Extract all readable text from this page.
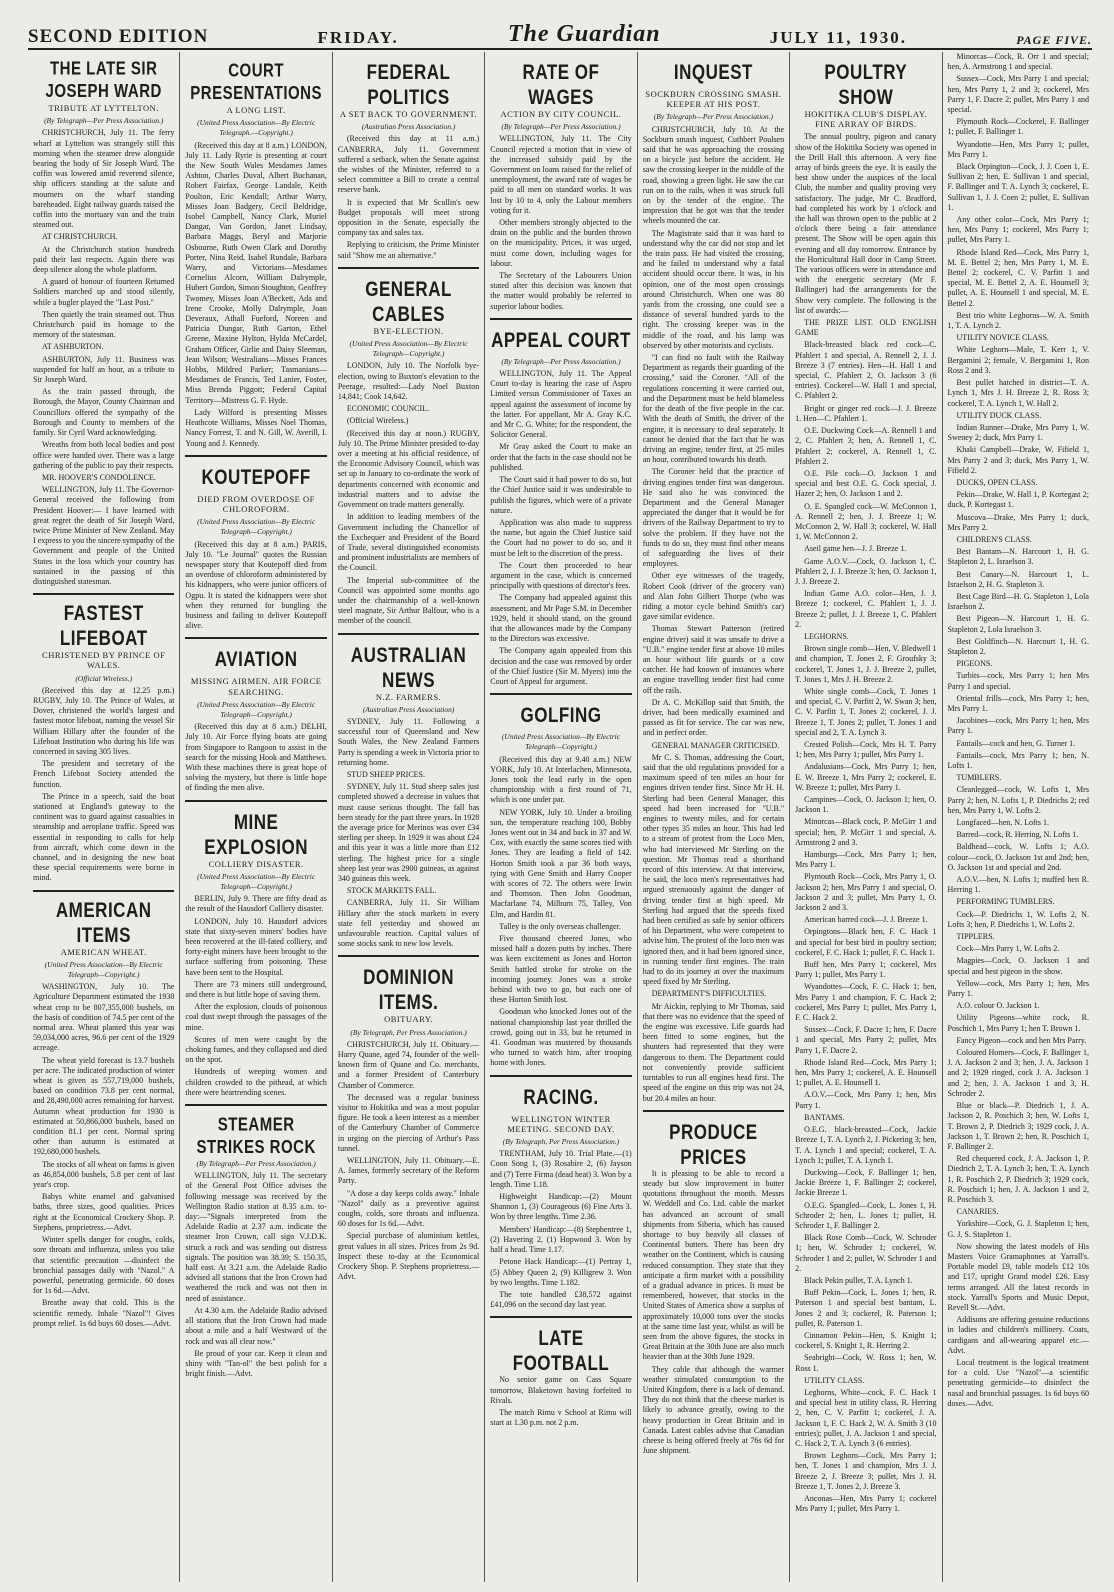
SECOND EDITION	FRIDAY.	The Guardian	JULY 11, 1930.	PAGE FIVE.
THE LATE SIR JOSEPH WARD
TRIBUTE AT LYTTELTON.
(By Telegraph—Per Press Association.)

CHRISTCHURCH, July 11. The ferry wharf at Lyttelton was strangely still this morning when the steamer drew alongside bearing the body of Sir Joseph Ward. The coffin was lowered amid reverend silence, ship officers standing at the salute and mourners on the wharf standing bareheaded. Eight railway guards raised the coffin into the mortuary van and the train steamed out.

AT CHRISTCHURCH.

At the Christchurch station hundreds paid their last respects. Again there was deep silence along the whole platform.

A guard of honour of fourteen Returned Soldiers marched up and stood silently, while a bugler played the "Last Post."

Then quietly the train steamed out. Thus Christchurch paid its homage to the memory of the statesman.

AT ASHBURTON.

ASHBURTON, July 11. Business was suspended for half an hour, as a tribute to Sir Joseph Ward.

As the train passed through, the Borough, the Mayor, County Chairman and Councillors offered the sympathy of the Borough and County to members of the family. Sir Cyril Ward acknowledging.

Wreaths from both local bodies and post office were handed over. There was a large gathering of the public to pay their respects.

MR. HOOVER'S CONDOLENCE.

WELLINGTON, July 11. The Governor-General received the following from President Hoover:— I have learned with great regret the death of Sir Joseph Ward, twice Prime Minister of New Zealand. May I express to you the sincere sympathy of the Government and people of the United States in the loss which your country has sustained in the passing of this distinguished statesman.

FASTEST LIFEBOAT
CHRISTENED BY PRINCE OF WALES.
(Official Wireless.)

(Received this day at 12.25 p.m.) RUGBY, July 10. The Prince of Wales, at Dover, christened the world's largest and fastest motor lifeboat, naming the vessel Sir William Hillary after the founder of the Lifeboat Institution who during his life was concerned in saving 305 lives.

The president and secretary of the French Lifeboat Society attended the function.

The Prince in a speech, said the boat stationed at England's gateway to the continent was to guard against casualties in steamship and aeroplane traffic. Speed was essential in responding to calls for help from aircraft, which come down in the channel, and in designing the new boat these special requirements were borne in mind.

AMERICAN ITEMS
AMERICAN WHEAT.
(United Press Association—By Electric Telegraph—Copyright.)

WASHINGTON, July 10. The Agriculture Department estimated the 1930 wheat crop to be 807,355,000 bushels, on the basis of condition of 74.5 per cent of the normal area. Wheat planted this year was 59,034,000 acres, 96.6 per cent of the 1929 acreage.

The wheat yield forecast is 13.7 bushels per acre. The indicated production of winter wheat is given as 557,719,000 bushels, based on condition 73.8 per cent normal, and 28,490,000 acres remaining for harvest. Autumn wheat production for 1930 is estimated at 50,866,000 bushels, based on condition 81.1 per cent. Normal spring other than autumn is estimated at 192,680,000 bushels.

The stocks of all wheat on farms is given as 46,854,000 bushels, 5.8 per cent of last year's crop.

Babys white enamel and galvanised baths, three sizes, good qualities. Prices right at the Economical Crockery Shop. P. Stephens, proprietress.—Advt.

Winter spells danger for coughs, colds, sore throats and influenza, unless you take that scientific precaution —disinfect the bronchial passages daily with "Nazol." A powerful, penetrating germicide. 60 doses for 1s 6d.—Advt.

Breathe away that cold. This is the scientific remedy. Inhale "Nazol"! Gives prompt relief. 1s 6d buys 60 doses.—Advt.

COURT PRESENTATIONS
A LONG LIST.
(United Press Association—By Electric Telegraph.—Copyright.)

(Received this day at 8 a.m.) LONDON, July 11. Lady Ryrie is presenting at court the New South Wales Mesdames James Ashton, Charles Duval, Albert Buchanan, Robert Fairfax, George Landale, Keith Poulton, Eric Kendall; Arthur Warry, Misses Joan Badgery, Cecil Beldridge, Isobel Campbell, Nancy Clark, Muriel Dangar, Van Gordon, Janet Lindsay, Barbara Maggs, Beryl and Marjorie Osbourne, Ruth Owen Clark and Dorothy Porter, Nina Reid, Isabel Rundale, Barbara Warry, and Victorians—Mesdames Cornelius Alcorn, William Dalrymple, Hubert Gordon, Simon Stoughton, Geoffrey Twomey, Misses Joan A'Beckett, Ada and Irene Crooke, Molly Dalrymple, Joan Deveraux, Athall Fueford, Noreen and Patricia Dungar, Ruth Garton, Ethel Greene, Maxine Hylton, Hylda McCardel, Graham Officer, Girlie and Daisy Sleeman, Jean Wilson; Westralians—Misses Frances Hobbs, Mildred Parker; Tasmanians—Mesdames de Francis, Ted Lanier, Foster, Miss Brenda Piggott; Federal Capital Territory—Mistress G. F. Hyde.

Lady Wilford is presenting Misses Heathcote Williams, Misses Noel Thomas, Nancy Forrest, T. and N. Gill, W. Averill, I. Young and J. Kennedy.

KOUTEPOFF
DIED FROM OVERDOSE OF CHLOROFORM.
(United Press Association—By Electric Telegraph—Copyright.)

(Received this day at 8 a.m.) PARIS, July 10. "Le Journal" quotes the Russian newspaper story that Koutepoff died from an overdose of chloroform administered by his kidnappers, who were junior officers of Ogpu. It is stated the kidnappers were shot when they returned for bungling the business and failing to deliver Koutepoff alive.

AVIATION
MISSING AIRMEN. AIR FORCE SEARCHING.
(United Press Association—By Electric Telegraph—Copyright.)

(Received this day at 8 a.m.) DELHI, July 10. Air Force flying boats are going from Singapore to Rangoon to assist in the search for the missing Hook and Matthews. With these machines there is great hope of solving the mystery, but there is little hope of finding the men alive.

MINE EXPLOSION
COLLIERY DISASTER.
(United Press Association—By Electric Telegraph—Copyright.)

BERLIN, July 9. There are fifty dead as the result of the Hausdorf Colliery disaster.

LONDON, July 10. Hausdorf advices state that sixty-seven miners' bodies have been recovered at the ill-fated colliery, and forty-eight miners have been brought to the surface suffering from poisoning. These have been sent to the Hospital.

There are 73 miners still underground, and there is but little hope of saving them.

After the explosion, clouds of poisonous coal dust swept through the passages of the mine.

Scores of men were caught by the choking fumes, and they collapsed and died on the spot.

Hundreds of weeping women and children crowded to the pithead, at which there were heartrending scenes.

STEAMER STRIKES ROCK
(By Telegraph—Per Press Association.)

WELLINGTON, July 11. The secretary of the General Post Office advises the following message was received by the Wellington Radio station at 8.35 a.m. to-day:—"Signals interpreted from the Adelaide Radio at 2.37 a.m. indicate the steamer Iron Crown, call sign V.J.D.K. struck a rock and was sending out distress signals. The position was 38.39; S. 150.35, half east. At 3.21 a.m. the Adelaide Radio advised all stations that the Iron Crown had weathered the rock and was not then in need of assistance.

At 4.30 a.m. the Adelaide Radio advised all stations that the Iron Crown had made about a mile and a half Westward of the rock and was all clear now."

Be proud of your car. Keep it clean and shiny with "Tan-ol" the best polish for a bright finish.—Advt.

FEDERAL POLITICS
A SET BACK TO GOVERNMENT.
(Australian Press Association.)

(Received this day at 11 a.m.) CANBERRA, July 11. Government suffered a setback, when the Senate against the wishes of the Minister, referred to a select committee a Bill to create a central reserve bank.

It is expected that Mr Scullin's new Budget proposals will meet strong opposition in the Senate, especially the company tax and sales tax.

Replying to criticism, the Prime Minister said "Show me an alternative."

GENERAL CABLES
BYE-ELECTION.
(United Press Association—By Electric Telegraph—Copyright.)

LONDON, July 10. The Norfolk bye-election, owing to Buxton's elevation to the Peerage, resulted:—Lady Noel Buxton 14,841; Cook 14,642.

ECONOMIC COUNCIL.

(Official Wireless.)

(Received this day at noon.) RUGBY, July 10. The Prime Minister presided to-day over a meeting at his official residence, of the Economic Advisory Council, which was set up in January to co-ordinate the work of departments concerned with economic and industrial matters and to advise the Government on trade matters generally.

In addition to leading members of the Government including the Chancellor of the Exchequer and President of the Board of Trade, several distinguished economists and prominent industrialists are members of the Council.

The Imperial sub-committee of the Council was appointed some months ago under the chairmanship of a well-known steel magnate, Sir Arthur Balfour, who is a member of the council.

AUSTRALIAN NEWS
N.Z. FARMERS.
(Australian Press Association)

SYDNEY, July 11. Following a successful tour of Queensland and New South Wales, the New Zealand Farmers Party is spending a week in Victoria prior to returning home.

STUD SHEEP PRICES.

SYDNEY, July 11. Stud sheep sales just completed showed a decrease in values that must cause serious thought. The fall has been steady for the past three years. In 1928 the average price for Merinos was over £34 sterling per sheep. In 1929 it was about £24 and this year it was a little more than £12 sterling. The highest price for a single sheep last year was 2900 guineas, as against 340 guineas this week.

STOCK MARKETS FALL.

CANBERRA, July 11. Sir William Hillary after the stock markets in every state fell yesterday and showed an unfavourable reaction. Capital values of some stocks sank to new low levels.

DOMINION ITEMS.
OBITUARY.
(By Telegraph, Per Press Association.)

CHRISTCHURCH, July 11. Obituary.—Harry Quane, aged 74, founder of the well-known firm of Quane and Co. merchants, and a former President of Canterbury Chamber of Commerce.

The deceased was a regular business visitor to Hokitika and was a most popular figure. He took a keen interest as a member of the Canterbury Chamber of Commerce in urging on the piercing of Arthur's Pass tunnel.

WELLINGTON, July 11. Obituary.—E. A. James, formerly secretary of the Reform Party.

"A dose a day keeps colds away." Inhale "Nazol" daily as a preventive against coughs, colds, sore throats and influenza. 60 doses for 1s 6d.—Advt.

Special purchase of aluminium kettles, great values in all sizes. Prices from 2s 9d. Inspect these to-day at the Economical Crockery Shop. P. Stephens proprietress.—Advt.

RATE OF WAGES
ACTION BY CITY COUNCIL.
(By Telegraph—Per Press Association.)

WELLINGTON, July 11. The City Council rejected a motion that in view of the increased subsidy paid by the Government on loans raised for the relief of unemployment, the award rate of wages be paid to all men on standard works. It was lost by 10 to 4, only the Labour members voting for it.

Other members strongly objected to the drain on the public and the burden thrown on the municipality. Prices, it was urged, must come down, including wages for labour.

The Secretary of the Labourers Union stated after this decision was known that the matter would probably be referred to superior labour bodies.

APPEAL COURT
(By Telegraph—Per Press Association.)

WELLINGTON, July 11. The Appeal Court to-day is hearing the case of Aspro Limited versus Commissioner of Taxes an appeal against the assessment of income by the latter. For appellant, Mr A. Gray K.C. and Mr C. G. White; for the respondent, the Solicitor General.

Mr Gray asked the Court to make an order that the facts in the case should not be published.

The Court said it had power to do so, but the Chief Justice said it was undesirable to publish the figures, which were of a private nature.

Application was also made to suppress the name, but again the Chief Justice said the Court had no power to do so, and it must be left to the discretion of the press.

The Court then proceeded to hear argument in the case, which is concerned principally with questions of director's fees.

The Company had appealed against this assessment, and Mr Page S.M. in December 1929, held it should stand, on the ground that the allowances made by the Company to the Directors was excessive.

The Company again appealed from this decision and the case was removed by order of the Chief Justice (Sir M. Myers) into the Court of Appeal for argument.

GOLFING
(United Press Association—By Electric Telegraph—Copyright.)

(Received this day at 9.40 a.m.) NEW YORK, July 10. At Interlachen, Minnesota, Jones took the lead early in the open championship with a first round of 71, which is one under par.

NEW YORK, July 10. Under a broiling sun, the temperature reaching 100, Bobby Jones went out in 34 and back in 37 and W. Cox, with exactly the same scores tied with Jones. They are leading a field of 142. Horton Smith took a par 36 both ways, tying with Gene Smith and Harry Cooper with scores of 72. The others were Irwin and Thomson. Then John Goodman, Macfarlane 74, Milburn 75, Talley, Von Elm, and Hardin 81.

Talley is the only overseas challenger.

Five thousand cheered Jones, who missed half a dozen putts by inches. There was keen excitement as Jones and Horton Smith battled stroke for stroke on the incoming journey. Jones was a stroke behind with two to go, but each one of these Horton Smith lost.

Goodman who knocked Jones out of the national championship last year thrilled the crowd, going out in 33, but he returned in 41. Goodman was mustered by thousands who turned to watch him, after trooping home with Jones.

RACING.
WELLINGTON WINTER MEETING. SECOND DAY.
(By Telegraph, Per Press Association.)

TRENTHAM, July 10. Trial Plate.—(1) Coon Song 1, (3) Rosabire 2, (6) Jayson and (7) Terre Firma (dead heat) 3. Won by a length. Time 1.18.

Highweight Handicap:—(2) Mount Shannon 1, (3) Courageous (6) Fine Arts 3. Won by three lengths. Time 2.36.

Members' Handicap:—(8) Stephentree 1, (2) Havering 2, (1) Hopwood 3. Won by half a head. Time 1.17.

Petone Hack Handicap:—(1) Pertray 1, (5) Abbey Queen 2, (9) Killigrew 3. Won by two lengths. Time 1.182.

The tote handled £38,572 against £41,096 on the second day last year.

LATE FOOTBALL

No senior game on Cass Square tomorrow, Blaketown having forfeited to Rivals.

The match Rimu v School at Rimu will start at 1.30 p.m. not 2 p.m.

INQUEST
SOCKBURN CROSSING SMASH. KEEPER AT HIS POST.
(By Telegraph—Per Press Association.)

CHRISTCHURCH, July 10. At the Sockburn smash inquest, Cuthbert Poulsen said that he was approaching the crossing on a bicycle just before the accident. He saw the crossing keeper in the middle of the road, showing a green light. He saw the car run on to the rails, when it was struck full on by the tender of the engine. The impression that he got was that the tender wheels mounted the car.

The Magistrate said that it was hard to understand why the car did not stop and let the train pass. He had visited the crossing, and he failed to understand why a fatal accident should occur there. It was, in his opinion, one of the most open crossings around Christchurch. When one was 80 yards from the crossing, one could see a distance of several hundred yards to the right. The crossing keeper was in the middle of the road, and his lamp was observed by other motorists and cyclists.

"I can find no fault with the Railway Department as regards their guarding of the crossing," said the Coroner. "All of the regulations concerning it were carried out, and the Department must be held blameless for the death of the five people in the car. With the death of Smith, the driver of the engine, it is necessary to deal separately. It cannot be denied that the fact that he was driving an engine, tender first, at 25 miles an hour, contributed towards his death.

The Coroner held that the practice of driving engines tender first was dangerous. He said also he was convinced the Department and the General Manager appreciated the danger that it would be for drivers of the Railway Department to try to solve the problem. If they have not the funds to do so, they must find other means of safeguarding the lives of their employees.

Other eye witnesses of the tragedy, Robert Cook (driver of the grocery van) and Alan John Gilbert Thorpe (who was riding a motor cycle behind Smith's car) gave similar evidence.

Thomas Stewart Patterson (retired engine driver) said it was unsafe to drive a "U.B." engine tender first at above 10 miles an hour without life guards or a cow catcher. He had known of instances where an engine travelling tender first had come off the rails.

Dr A. C. McKillop said that Smith, the driver, had been medically examined and passed as fit for service. The car was new, and in perfect order.

GENERAL MANAGER CRITICISED.

Mr C. S. Thomas, addressing the Court, said that the old regulations provided for a maximum speed of ten miles an hour for engines driven tender first. Since Mr H. H. Sterling had been General Manager, this speed had been increased for "U.B." engines to twenty miles, and for certain other types 35 miles an hour. This had led to a stream of protest from the Loco Men, who had interviewed Mr Sterling on the question. Mr Thomas read a shorthand record of this interview. At that interview, he said, the loco men's representatives had argued strenuously against the danger of driving tender first at high speed. Mr Sterling had argued that the speeds fixed had been certified as safe by senior officers of his Department, who were competent to advise him. The protest of the loco men was ignored then, and it had been ignored since, in running tender first engines. The train had to do its journey at over the maximum speed fixed by Mr Sterling.

DEPARTMENT'S DIFFICULTIES.

Mr Aickin, replying to Mr Thomas, said that there was no evidence that the speed of the engine was excessive. Life guards had been fitted to some engines, but the shunters had represented that they were dangerous to them. The Department could not conveniently provide sufficient turntables to run all engines head first. The speed of the engine on this trip was not 24, but 20.4 miles an hour.

PRODUCE PRICES

It is pleasing to be able to record a steady but slow improvement in butter quotations throughout the month. Messrs W. Weddell and Co. Ltd. cable the market has advanced an account of small shipments from Siberia, which has caused shortage to buy heavily all classes of Continental butters. There has been dry weather on the Continent, which is causing reduced consumption. They state that they anticipate a firm market with a possibility of a gradual advance in prices. It must be remembered, however, that stocks in the United States of America show a surplus of approximately 10,000 tons over the stocks at the same time last year, whilst as will be seen from the above figures, the stocks in Great Britain at the 30th June are also much heavier than at the 30th June 1929.

They cable that although the warmer weather stimulated consumption to the United Kingdom, there is a lack of demand. They do not think that the cheese market is likely to advance greatly, owing to the heavy production in Great Britain and in Canada. Latest cables advise that Canadian cheese is being offered freely at 76s 6d for June shipment.

POULTRY SHOW
HOKITIKA CLUB'S DISPLAY. FINE ARRAY OF BIRDS.

The annual poultry, pigeon and canary show of the Hokitika Society was opened in the Drill Hall this afternoon. A very fine array of birds greets the eye. It is easily the best show under the auspices of the local Club, the number and quality proving very satisfactory. The judge, Mr C. Bradford, had completed his work by 1 o'clock and the hall was thrown open to the public at 2 o'clock there being a fair attendance present. The Show will be open again this evening and all day tomorrow. Entrance by the Horticultural Hall door in Camp Street. The various officers were in attendance and with the energetic secretary (Mr F. Ballinger) had the arrangements for the Show very complete. The following is the list of awards:—

THE PRIZE LIST. OLD ENGLISH GAME

Black-breasted black red cock—C. Pfahlert 1 and special, A. Rennell 2, J. J. Breeze 3 (7 entries). Hen—H. Hall 1 and special, C. Pfahlert 2, O. Jackson 3 (6 entries). Cockerel—W. Hall 1 and special, C. Pfahlert 2.

Bright or ginger red cock—J. J. Breeze 1. Hen—C. Pfahlert 1.

O.E. Duckwing Cock—A. Rennell 1 and 2, C. Pfahlert 3; hen, A. Rennell 1, C. Pfahlert 2; cockerel, A. Rennell 1, C. Pfahlert 2.

O.E. Pile cock—O. Jackson 1 and special and best O.E. G. Cock special, J. Hazer 2; hen, O. Jackson 1 and 2.

O. E. Spangled cock—W. McConnon 1, A. Rennell 2; hen, J. J. Breeze 1; W. McConnon 2, W. Hall 3; cockerel, W. Hall 1, W. McConnon 2.

Aseil game hen—J. J. Breeze 1.

Game A.O.V.—Cock, O. Jackson 1, C. Pfahlert 2, J. J. Breeze 3; hen, O. Jackson 1, J. J. Breeze 2.

Indian Game A.O. color—Hen, J. J. Breeze 1; cockerel, C. Pfahlert 1, J. J. Breeze 2; pullet, J. J. Breeze 1, C. Pfahlert 2.

LEGHORNS.

Brown single comb—Hen, V. Bledwell 1 and champion, T. Jones 2, F. Groufsky 3; cockerel, T. Jones 1, J. J. Breeze 2, pullet, T. Jones 1, Mrs J. H. Breeze 2.

White single comb—Cock, T. Jones 1 and special, C. V. Parfitt 2, W. Swan 3; hen, C. V. Parfitt 1, T. Jones 2; cockerel, J. J. Breeze 1, T. Jones 2; pullet, T. Jones 1 and special and 2, T. A. Lynch 3.

Crested Polish—Cock, Mrs H. T. Parry 1; hen, Mrs Parry 1; pullet, Mrs Parry 1.

Andalusians—Cock, Mrs Parry 1; hen, E. W. Breeze 1, Mrs Parry 2; cockerel, E. W. Breeze 1; pullet, Mrs Parry 1.

Campines—Cock, O. Jackson 1; hen, O. Jackson 1.

Minorcas—Black cock, P. McGirr 1 and special; hen, P. McGirr 1 and special, A. Armstrong 2 and 3.

Hamburgs—Cock, Mrs Parry 1; hen, Mrs Parry 1.

Plymouth Rock—Cock, Mrs Parry 1, O. Jackson 2; hen, Mrs Parry 1 and special, O. Jackson 2 and 3; pullet, Mrs Parry 1, O. Jackson 2 and 3.

American barred cock—J. J. Breeze 1.

Orpingtons—Black hen, F. C. Hack 1 and special for best bird in poultry section; cockerel, F. C. Hack 1; pullet, F. C. Hack 1.

Buff hen, Mrs Parry 1; cockerel, Mrs Parry 1; pullet, Mrs Parry 1.

Wyandottes—Cock, F. C. Hack 1; hen, Mrs Parry 1 and champion, F. C. Hack 2; cockerel, Mrs Parry 1; pullet, Mrs Parry 1, F. C. Hack 2.

Sussex—Cock, F. Dacre 1; hen, F. Dacre 1 and special, Mrs Parry 2; pullet, Mrs Parry 1, F. Dacre 2.

Rhode Island Red—Cock, Mrs Parry 1; hen, Mrs Parry 1; cockerel, A. E. Hounsell 1; pullet, A. E. Hounsell 1.

A.O.V.—Cock, Mrs Parry 1; hen, Mrs Parry 1.

BANTAMS.

O.E.G. black-breasted—Cock, Jackie Breeze 1, T. A. Lynch 2, J. Pickering 3; hen, T. A. Lynch 1 and special; cockerel, T. A. Lynch 1; pullet, T. A. Lynch 1.

Duckwing—Cock, F. Ballinger 1; hen, Jackie Breeze 1, F. Ballinger 2; cockerel, Jackie Breeze 1.

O.E.G. Spangled—Cock, L. Jones 1, H. Schroder 2; hen, L. Jones 1; pullet, H. Schroder 1, F. Ballinger 2.

Black Rose Comb—Cock, W. Schroder 1; hen, W. Schroder 1; cockerel, W. Schroder 1 and 2; pullet, W. Schroder 1 and 2.

Black Pekin pullet, T. A. Lynch 1.

Buff Pekin—Cock, L. Jones 1; hen, R. Paterson 1 and special best bantam, L. Jones 2 and 3; cockerel, R. Paterson 1; pullet, R. Paterson 1.

Cinnamon Pekin—Hen, S. Knight 1; cockerel, S. Knight 1, R. Herring 2.

Seabright—Cock, W. Ross 1; hen, W. Ross 1.

UTILITY CLASS.

Leghorns, White—cock, F. C. Hack 1 and special best in utility class, R. Herring 2, hen, C. V. Parfitt 1; cockerel, J. A. Jackson 1, F. C. Hack 2, W. A. Smith 3 (10 entries); pullet, J. A. Jackson 1 and special, C. Hack 2, T. A. Lynch 3 (6 entries).

Brown Leghorn—Cock, Mrs Parry 1; hen, T. Jones 1 and champion, Mrs J. J. Breeze 2, J. Breeze 3; pullet, Mrs J. H. Breeze 1, T. Jones 2, J. Breeze 3.

Anconas—Hen, Mrs Parry 1; cockerel Mrs Parry 1; pullet, Mrs Parry 1.

Minorcas—Cock, R. Orr 1 and special; hen, A. Armstrong 1 and special.

Sussex—Cock, Mrs Parry 1 and special; hen, Mrs Parry 1, 2 and 3; cockerel, Mrs Parry 1, F. Dacre 2; pullet, Mrs Parry 1 and special.

Plymouth Rock—Cockerel, F. Ballinger 1; pullet, F. Ballinger 1.

Wyandotte—Hen, Mrs Parry 1; pullet, Mrs Parry 1.

Black Orpington—Cock, J. J. Coen 1, E. Sullivan 2; hen, E. Sullivan 1 and special, F. Ballinger and T. A. Lynch 3; cockerel, E. Sullivan 1, J. J. Coen 2; pullet, E. Sullivan 1.

Any other color—Cock, Mrs Parry 1; hen, Mrs Parry 1; cockerel, Mrs Parry 1; pullet, Mrs Parry 1.

Rhode Island Red—Cock, Mrs Parry 1, M. E. Bettel 2; hen, Mrs Parry 1, M. E. Bettel 2; cockerel, C. V. Parfitt 1 and special, M. E. Bettel 2, A. E. Hounsell 3; pullet, A. E. Hounsell 1 and special, M. E. Bettel 2.

Best trio white Leghorns—W. A. Smith 1, T. A. Lynch 2.

UTILITY NOVICE CLASS.

White Leghorn—Male, T. Kerr 1, V. Bergamini 2; female, V. Bergamini 1, Ron Ross 2 and 3.

Best pullet hatched in district—T. A. Lynch 1, Mrs J. H. Breeze 2, R. Ross 3; cockerel, T. A. Lynch 1, W. Hall 2.

UTILITY DUCK CLASS.

Indian Runner—Drake, Mrs Parry 1, W. Sweney 2; duck, Mrs Parry 1.

Khaki Campbell—Drake, W. Fifield 1, Mrs Parry 2 and 3; duck, Mrs Parry 1, W. Fifield 2.

DUCKS, OPEN CLASS.

Pekin—Drake, W. Hall 1, P. Kortegast 2; duck, P. Kortegast 1.

Muscova—Drake, Mrs Parry 1; duck, Mrs Parry 2.

CHILDREN'S CLASS.

Best Bantam—N. Harcourt 1, H. G. Stapleton 2, L. Israelson 3.

Best Canary—N. Harcourt 1, L. Israelson 2, H. G. Stapleton 3.

Best Cage Bird—H. G. Stapleton 1, Lola Israelson 2.

Best Pigeon—N. Harcourt 1, H. G. Stapleton 2, Lola Israelson 3.

Best Goldfinch—N. Harcourt 1, H. G. Stapleton 2.

PIGEONS.

Turbits—cock, Mrs Parry 1; hen Mrs Parry 1 and special.

Oriental frills—cock, Mrs Parry 1; hen, Mrs Parry 1.

Jacobines—cock, Mrs Parry 1; hen, Mrs Parry 1.

Fantails—cock and hen, G. Turner 1.

Fantails—cock, Mrs Parry 1; hen, N. Lofts 1.

TUMBLERS.

Cleanlegged—cock, W. Lofts 1, Mrs Parry 2; hen, N. Lofts 1, P. Diedrichs 2; red hen, Mrs Parry 1, W. Lofts 2.

Longfaced—hen, N. Lofts 1.

Barred—cock, R. Herring, N. Lofts 1.

Baldhead—cock, W. Lofts 1; A.O. colour—cock, O. Jackson 1st and 2nd; hen, O. Jackson 1st and special and 2nd.

A.O.V.—hen, N. Lofts 1; muffed hen R. Herring 1.

PERFORMING TUMBLERS.

Cock—P. Diedrichs 1, W. Lofts 2, N. Lofts 3; hen, P. Diedrichs 1, W. Lofts 2.

TIPPLERS.

Cock—Mrs Parry 1, W. Lofts 2.

Magpies—Cock, O. Jackson 1 and special and best pigeon in the show.

Yellow—cock, Mrs Parry 1; hen, Mrs Parry 1.

A.O. colour O. Jackson 1.

Utility Pigeons—white cock, R. Poschich 1, Mrs Parry 1; hen T. Brown 1.

Fancy Pigeon—cock and hen Mrs Parry.

Coloured Homers—Cock, F. Ballinger 1, J. A. Jackson 2 and 3; hen, J. A. Jackson 1 and 2; 1929 ringed, cock J. A. Jackson 1 and 2; hen, J. A. Jackson 1 and 3, H. Schroder 2.

Blue or black—P. Diedrich 1, J. A. Jackson 2, R. Poschich 3; hen, W. Lofts 1, T. Brown 2, P. Diedrich 3; 1929 cock, J. A. Jackson 1, T. Brown 2; hen, R. Poschich 1, F. Ballinger 2.

Red chequered cock, J. A. Jackson 1, P. Diedrich 2, T. A. Lynch 3; hen, T. A. Lynch 1, R. Poschich 2, P. Diedrich 3; 1929 cock, R. Poschich 1; hen, J. A. Jackson 1 and 2, R. Poschich 3.

CANARIES.

Yorkshire—Cock, G. J. Stapleton 1; hen, G. J. S. Stapleton 1.

Now showing the latest models of His Masters Voice Gramaphones at Yarrall's. Portable model £9, table models £12 10s and £17, upright Grand model £26. Easy terms arranged. All the latest records in stock. Yarrall's Sports and Music Depot, Revell St.—Advt.

Addisons are offering genuine reductions in ladies and children's millinery. Coats, cardigans and all-wearing apparel etc.—Advt.

Local treatment is the logical treatment for a cold. Use "Nazol"—a scientific penetrating germicide—to disinfect the nasal and bronchial passages. 1s 6d buys 60 doses.—Advt.
